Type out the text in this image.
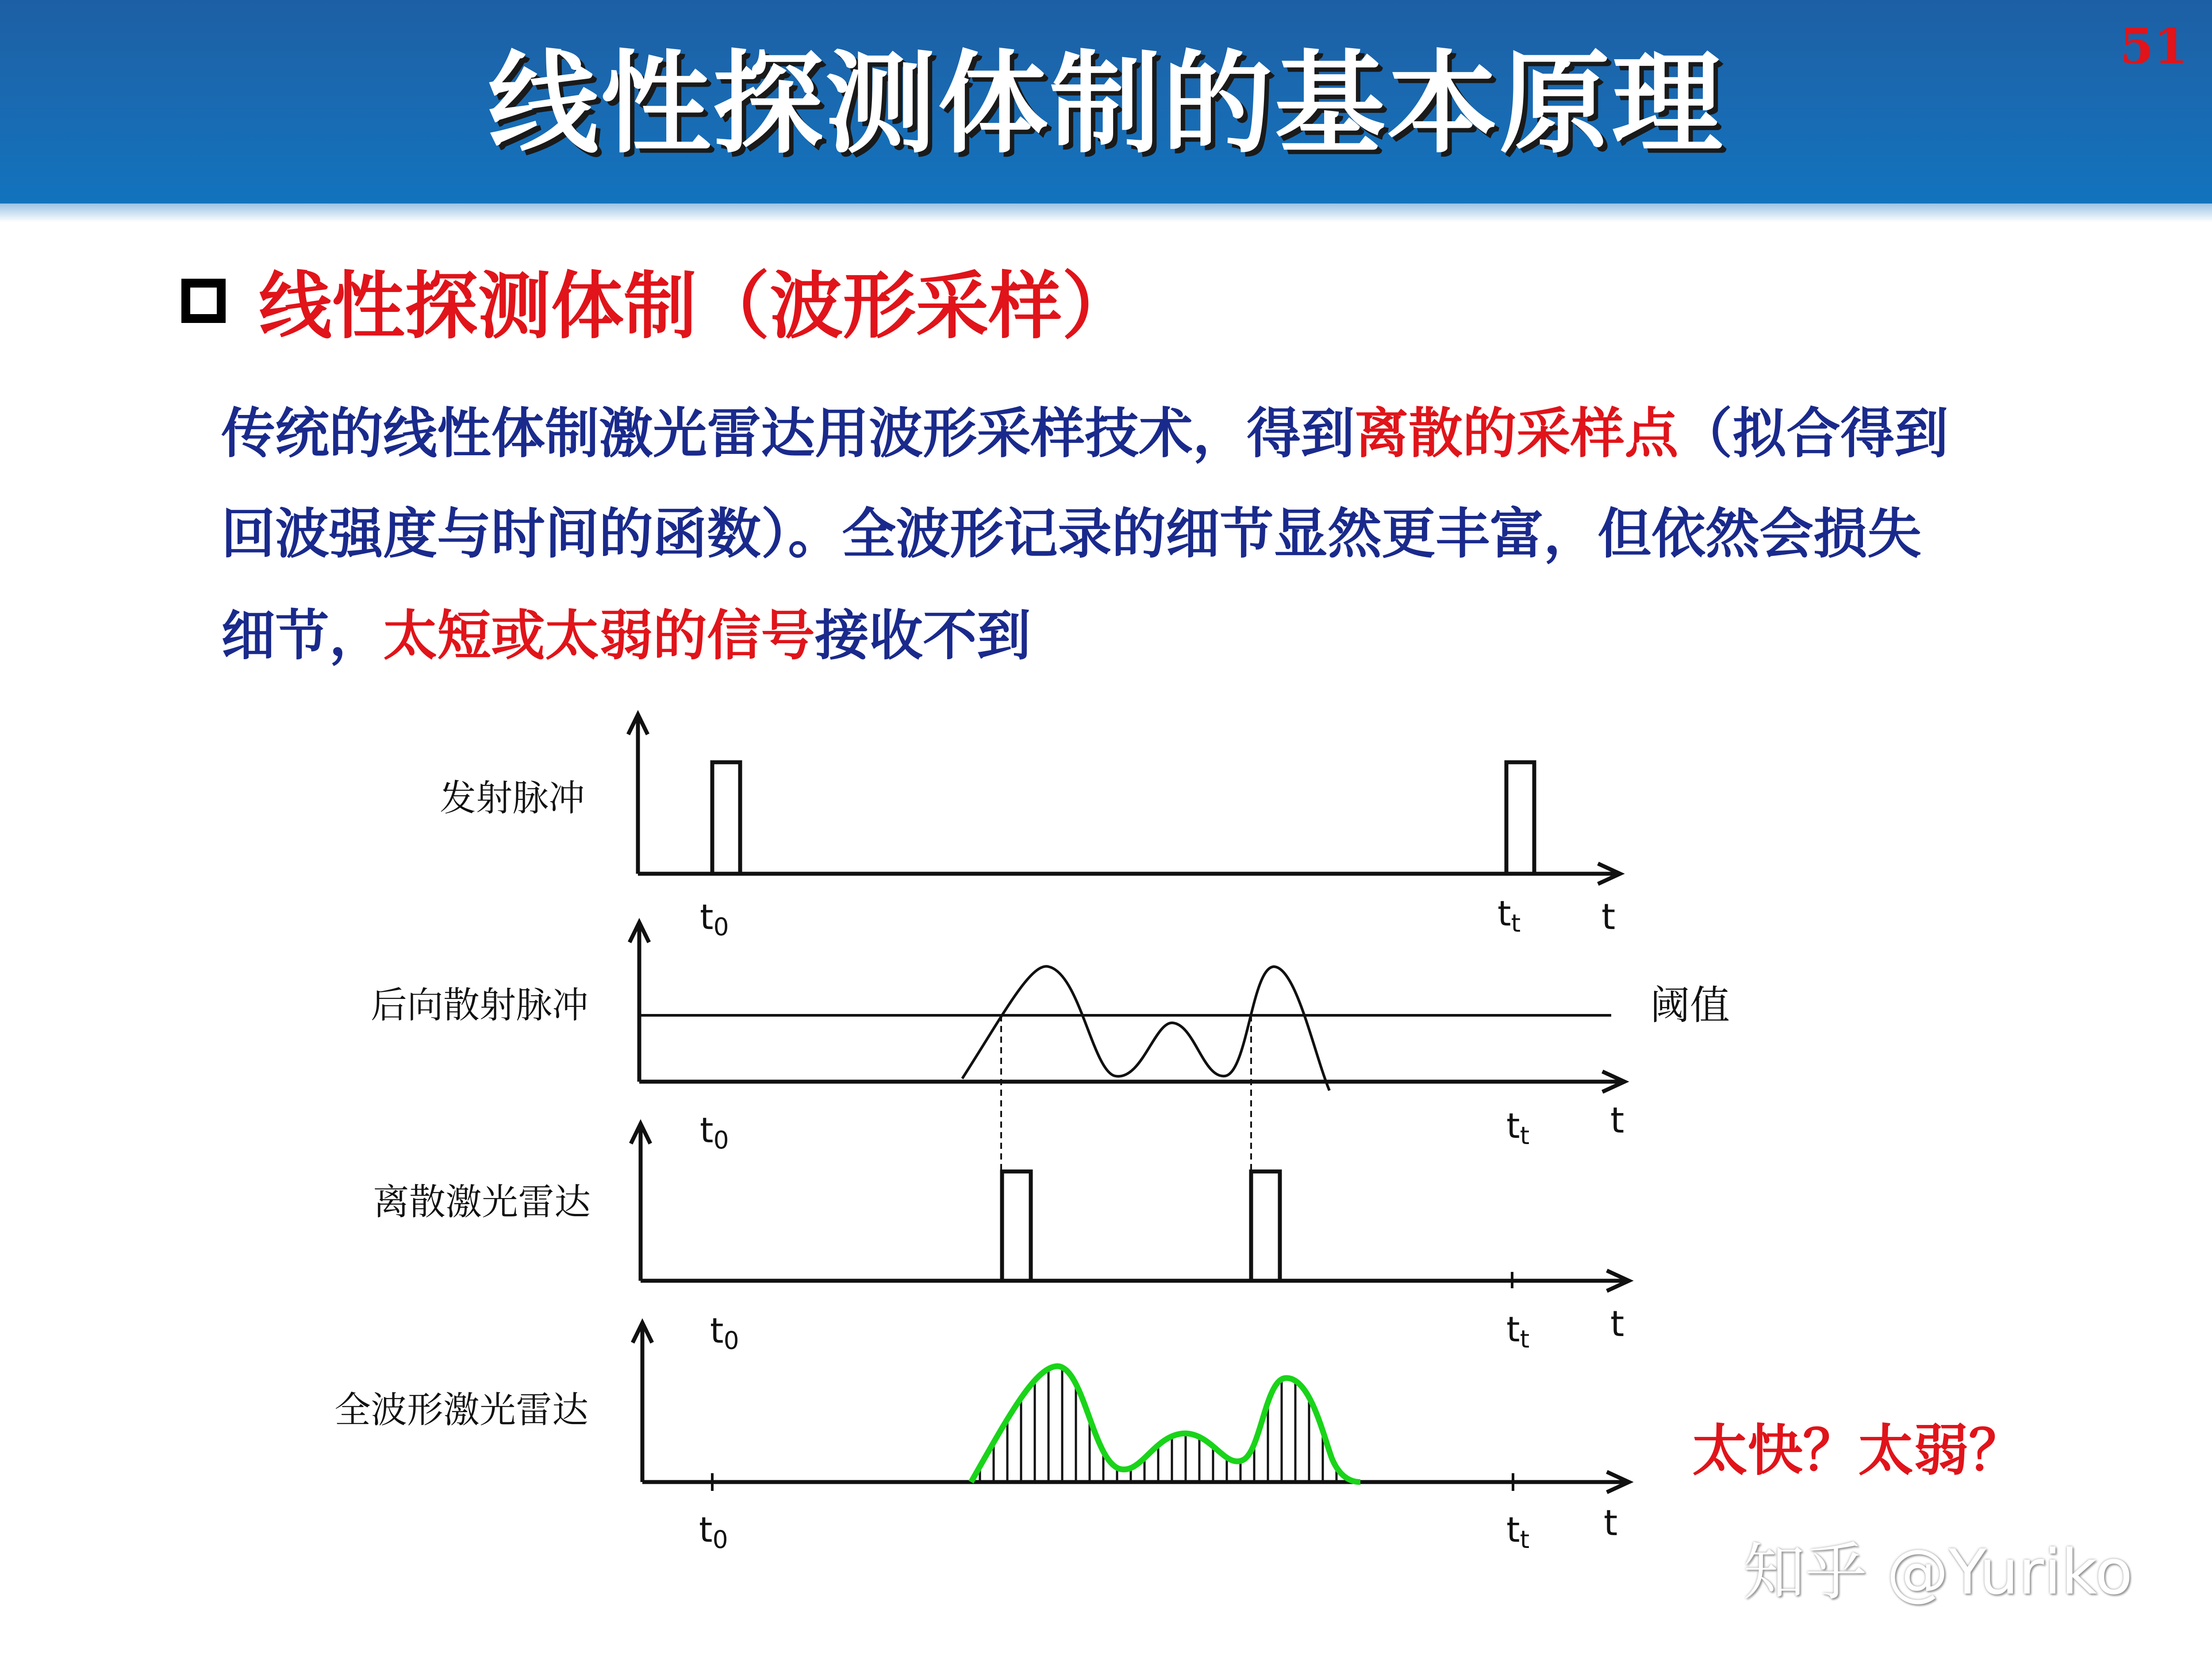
线性探测体制的基本原理	51
线性探测体制（波形采样）
传统的线性体制激光雷达用波形采样技术，得到离散的采样点（拟合得到
回波强度与时间的函数）。全波形记录的细节显然更丰富，但依然会损失
细节，太短或太弱的信号接收不到
发射脉冲
t0	tt t
后向散射脉冲	阈值
t0	tt t
离散激光雷达
t0	tt t
全波形激光雷达
t0	tt t
太快？太弱？
知乎 @Yuriko
